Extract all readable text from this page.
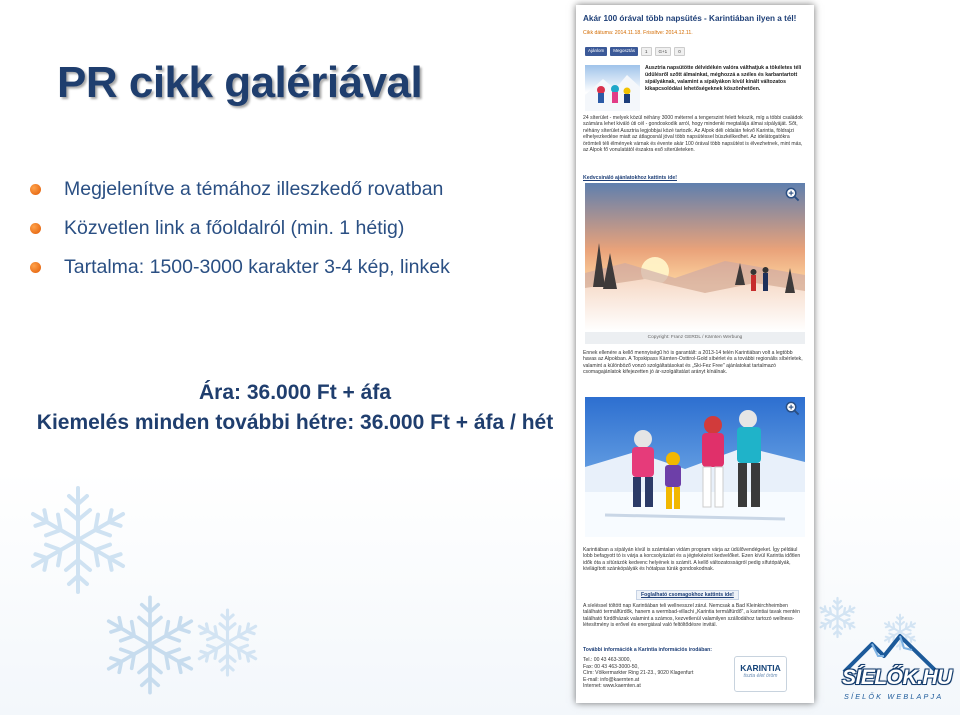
PR cikk galériával
Megjelenítve a témához illeszkedő rovatban
Közvetlen link a főoldalról (min. 1 hétig)
Tartalma: 1500-3000 karakter 3-4 kép, linkek
Ára: 36.000 Ft + áfa
Kiemelés minden további hétre: 36.000 Ft + áfa / hét
Akár 100 órával több napsütés - Karintiában ilyen a tél!
Cikk dátuma: 2014.11.18. Frissítve: 2014.12.11.
Ajánlom	Megosztás	1	G+1	0
Ausztria napsütötte délvidékén valóra válthatjuk a tökéletes téli üdülésről szőtt álmainkat, méghozzá a széles és karbantartott sípályáknak, valamint a sípályákon kívül kínált változatos kikapcsolódási lehetőségeknek köszönhetően.
24 síterület - melyek közül néhány 3000 méterrel a tengerszint felett fekszik, míg a többi családok számára lehet kiváló úti cél - gondoskodik arról, hogy mindenki megtalálja álmai sípályáját. Sőt, néhány síterület Ausztria legjobbjai közé tartozik. Az Alpok déli oldalán fekvő Karintia, földrajzi elhelyezkedése miatt az átlagosnál jóval több napsütéssel büszkélkedhet. Az idelátogatókra örömteli téli élmények várnak és évente akár 100 órával több napsütést is élvezhetnek, mint más, az Alpok fő vonulatától északra eső síterületeken.
Kedvcsináló ajánlatokhoz kattints ide!
Copyright: Franz GERDL / Kärnten Werbung
Ennek ellenére a kellő mennyiségű hó is garantált: a 2013-14 telén Karintiában volt a legtöbb havas az Alpokban. A Topskipass Kärnten-Osttirol-Gold síbérlet és a további regionális síbérletek, valamint a különböző vonzó szolgáltatásokat és „Ski-Fez Free" ajánlatokat tartalmazó csomagajánlatok kifejezetten jó ár-szolgáltatást arányt kínálnak.
Karintiában a sípályán kívül is számtalan vidám program várja az üdülővendégeket. Így például lobb befagyott tó is várja a korcsolyázást és a jégtekézést kedvelőket. Ezen kívül Karintia időtlen idők óta a sítúrázók kedvenc helyének is számít. A kellő változatosságról pedig sífutópályák, kivilágított szánkópályák és hótalpas túrák gondoskodnak.
Foglalható csomagokhoz kattints ide!
A síeléssel töltött nap Karintiában teli wellnesszel zárul. Nemcsak a Bad Kleinkirchheimben található termálfürdők, hanem a wermbad-villachi „Karintia termálfürdő", a karintiai tavak mentén található fürdőházak valamint a számos, kezvetlenül valamilyen szállodához tartozó wellness-létesítmény is erővel és energiával való feltöltődésre invitál.
További információk a Karintia információs irodában:
Tel.: 00 43 463-3000,
Fax: 00 43 463-3000-50,
Cím: Völkermarkter Ring 21-23., 9020 Klagenfurt
E-mail: info@kaernten.at
Internet: www.kaernten.at
KARINTIA
tiszta élet öröm	SÍELŐK.HU
SÍELŐK WEBLAPJA
